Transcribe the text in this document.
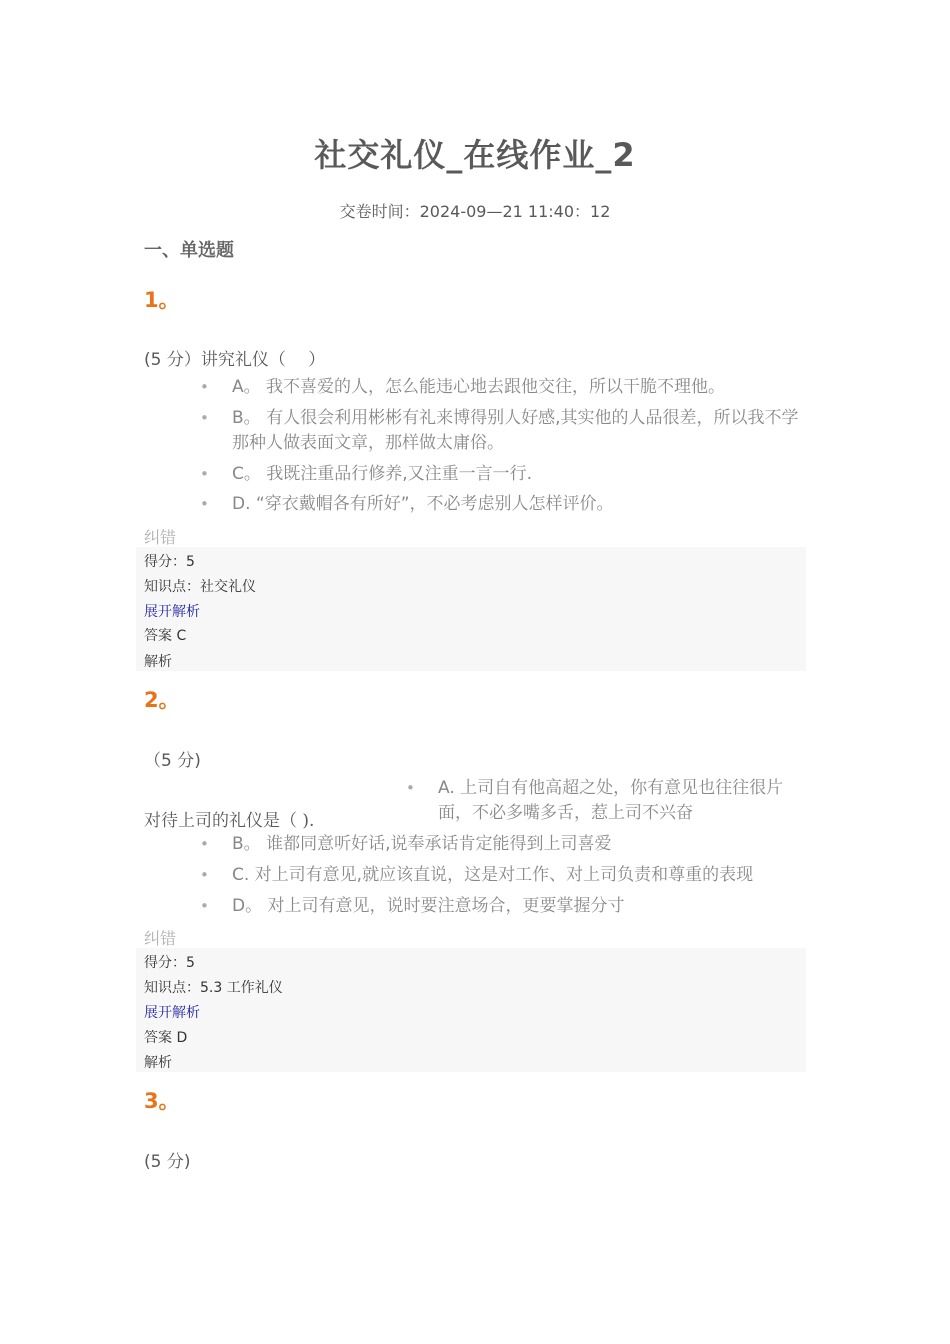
社交礼仪_在线作业_2
交卷时间：2024-09—21 11:40：12
一、单选题
1。
(5 分）讲究礼仪（　 ）
•	A。 我不喜爱的人，怎么能违心地去跟他交往，所以干脆不理他。
•	B。 有人很会利用彬彬有礼来博得别人好感,其实他的人品很差，所以我不学那种人做表面文章，那样做太庸俗。
•	C。 我既注重品行修养,又注重一言一行.
•	D. “穿衣戴帽各有所好”，不必考虑别人怎样评价。
纠错
得分：5
知识点：社交礼仪
展开解析
答案 C
解析
2。
（5 分)
对待上司的礼仪是（ ).
•	A. 上司自有他高超之处，你有意见也往往很片面，不必多嘴多舌，惹上司不兴奋
•	B。 谁都同意听好话,说奉承话肯定能得到上司喜爱
•	C. 对上司有意见,就应该直说，这是对工作、对上司负责和尊重的表现
•	D。 对上司有意见，说时要注意场合，更要掌握分寸
纠错
得分：5
知识点：5.3 工作礼仪
展开解析
答案 D
解析
3。
(5 分)
